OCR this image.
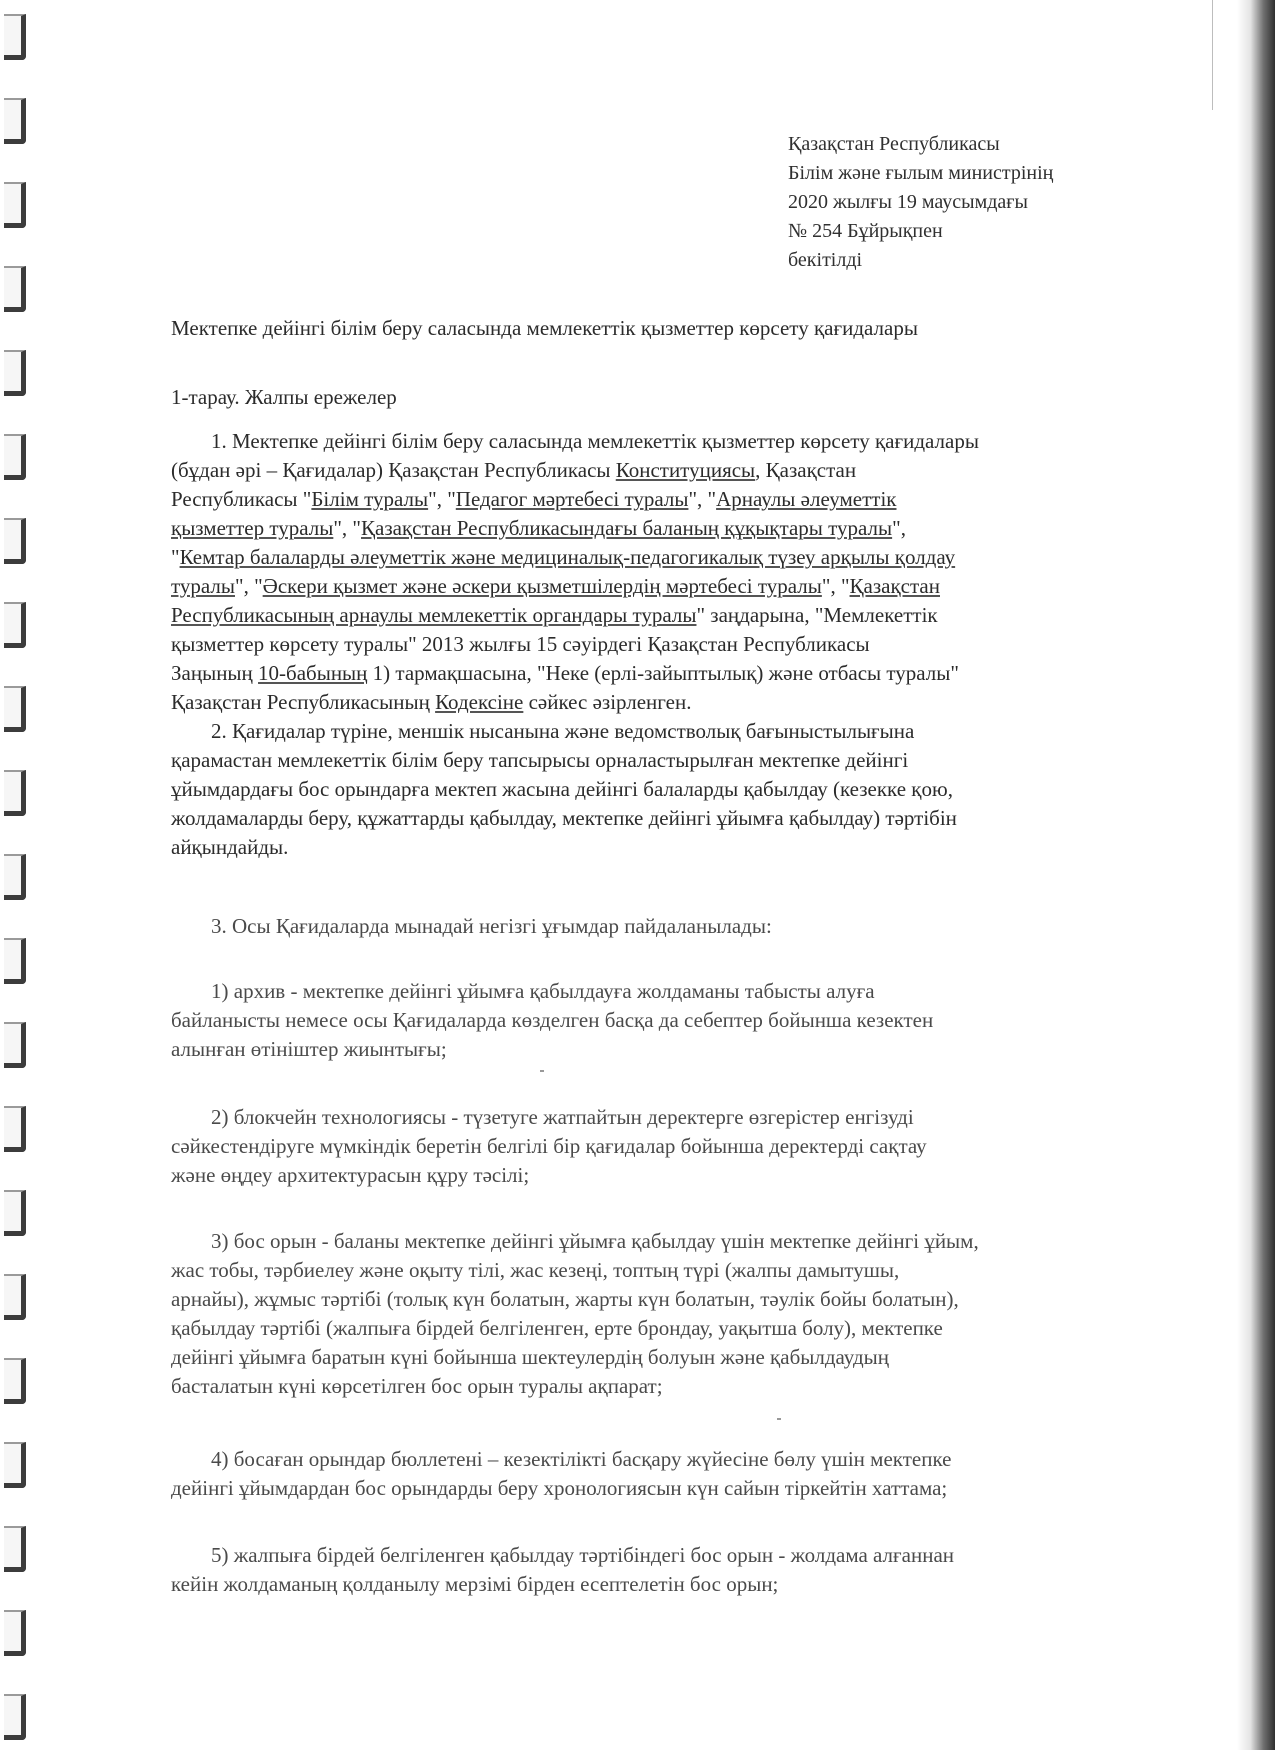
Қазақстан Республикасы
Білім және ғылым министрінің
2020 жылғы 19 маусымдағы
№ 254 Бұйрықпен
бекітілді
Мектепке дейінгі білім беру саласында мемлекеттік қызметтер көрсету қағидалары
1-тарау. Жалпы ережелер
1. Мектепке дейінгі білім беру саласында мемлекеттік қызметтер көрсету қағидалары
(бұдан әрі – Қағидалар) Қазақстан Республикасы Конституциясы, Қазақстан
Республикасы "Білім туралы", "Педагог мәртебесі туралы", "Арнаулы әлеуметтік
қызметтер туралы", "Қазақстан Республикасындағы баланың құқықтары туралы",
"Кемтар балаларды әлеуметтік және медициналық-педагогикалық түзеу арқылы қолдау
туралы", "Әскери қызмет және әскери қызметшілердің мәртебесі туралы", "Қазақстан
Республикасының арнаулы мемлекеттік органдары туралы" заңдарына, "Мемлекеттік
қызметтер көрсету туралы" 2013 жылғы 15 сәуірдегі Қазақстан Республикасы
Заңының 10-бабының 1) тармақшасына, "Неке (ерлі-зайыптылық) және отбасы туралы"
Қазақстан Республикасының Кодексіне сәйкес әзірленген.
2. Қағидалар түріне, меншік нысанына және ведомстволық бағыныстылығына
қарамастан мемлекеттік білім беру тапсырысы орналастырылған мектепке дейінгі
ұйымдардағы бос орындарға мектеп жасына дейінгі балаларды қабылдау (кезекке қою,
жолдамаларды беру, құжаттарды қабылдау, мектепке дейінгі ұйымға қабылдау) тәртібін
айқындайды.
3. Осы Қағидаларда мынадай негізгі ұғымдар пайдаланылады:
1) архив - мектепке дейінгі ұйымға қабылдауға жолдаманы табысты алуға
байланысты немесе осы Қағидаларда көзделген басқа да себептер бойынша кезектен
алынған өтініштер жиынтығы;
2) блокчейн технологиясы - түзетуге жатпайтын деректерге өзгерістер енгізуді
сәйкестендіруге мүмкіндік беретін белгілі бір қағидалар бойынша деректерді сақтау
және өңдеу архитектурасын құру тәсілі;
3) бос орын - баланы мектепке дейінгі ұйымға қабылдау үшін мектепке дейінгі ұйым,
жас тобы, тәрбиелеу және оқыту тілі, жас кезеңі, топтың түрі (жалпы дамытушы,
арнайы), жұмыс тәртібі (толық күн болатын, жарты күн болатын, тәулік бойы болатын),
қабылдау тәртібі (жалпыға бірдей белгіленген, ерте брондау, уақытша болу), мектепке
дейінгі ұйымға баратын күні бойынша шектеулердің болуын және қабылдаудың
басталатын күні көрсетілген бос орын туралы ақпарат;
4) босаған орындар бюллетені – кезектілікті басқару жүйесіне бөлу үшін мектепке
дейінгі ұйымдардан бос орындарды беру хронологиясын күн сайын тіркейтін хаттама;
5) жалпыға бірдей белгіленген қабылдау тәртібіндегі бос орын - жолдама алғаннан
кейін жолдаманың қолданылу мерзімі бірден есептелетін бос орын;
